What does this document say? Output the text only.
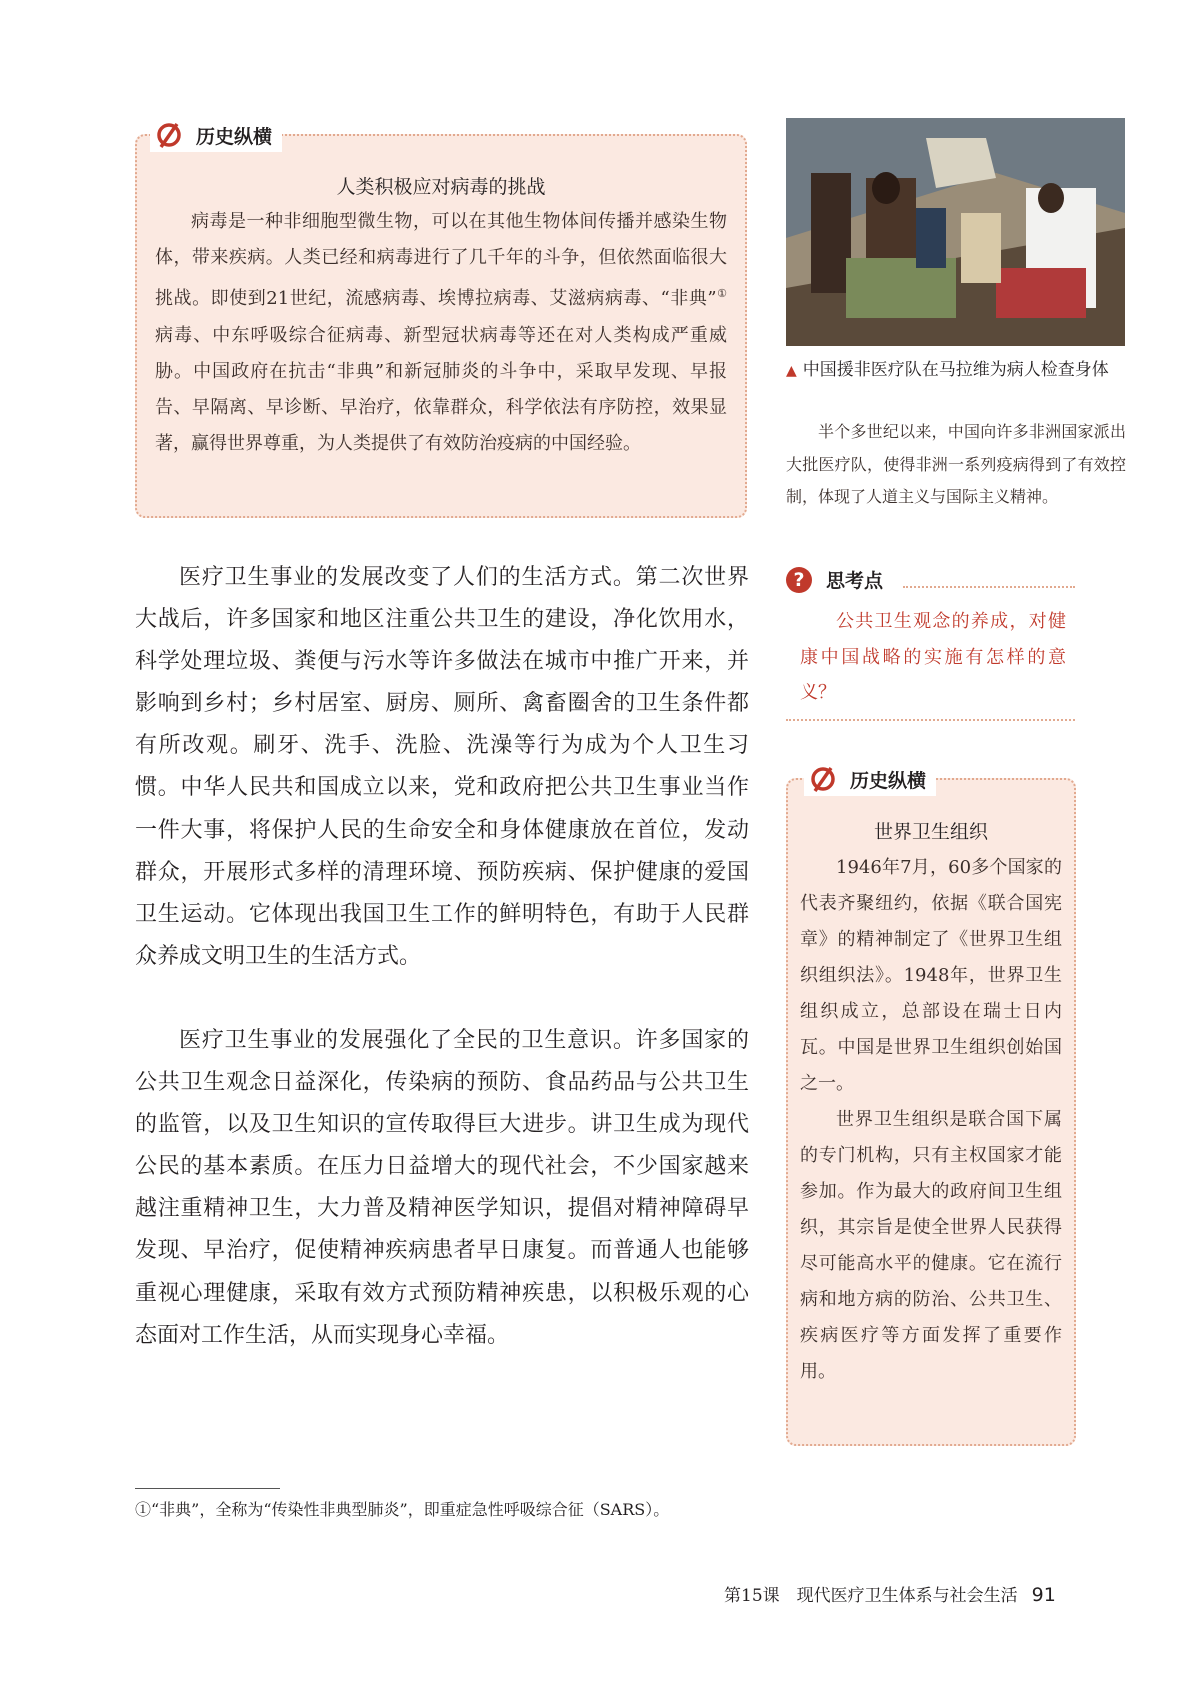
历史纵横
人类积极应对病毒的挑战

病毒是一种非细胞型微生物，可以在其他生物体间传播并感染生物体，带来疾病。人类已经和病毒进行了几千年的斗争，但依然面临很大挑战。即使到21世纪，流感病毒、埃博拉病毒、艾滋病病毒、“非典”①病毒、中东呼吸综合征病毒、新型冠状病毒等还在对人类构成严重威胁。中国政府在抗击“非典”和新冠肺炎的斗争中，采取早发现、早报告、早隔离、早诊断、早治疗，依靠群众，科学依法有序防控，效果显著，赢得世界尊重，为人类提供了有效防治疫病的中国经验。

医疗卫生事业的发展改变了人们的生活方式。第二次世界大战后，许多国家和地区注重公共卫生的建设，净化饮用水，科学处理垃圾、粪便与污水等许多做法在城市中推广开来，并影响到乡村；乡村居室、厨房、厕所、禽畜圈舍的卫生条件都有所改观。刷牙、洗手、洗脸、洗澡等行为成为个人卫生习惯。中华人民共和国成立以来，党和政府把公共卫生事业当作一件大事，将保护人民的生命安全和身体健康放在首位，发动群众，开展形式多样的清理环境、预防疾病、保护健康的爱国卫生运动。它体现出我国卫生工作的鲜明特色，有助于人民群众养成文明卫生的生活方式。

医疗卫生事业的发展强化了全民的卫生意识。许多国家的公共卫生观念日益深化，传染病的预防、食品药品与公共卫生的监管，以及卫生知识的宣传取得巨大进步。讲卫生成为现代公民的基本素质。在压力日益增大的现代社会，不少国家越来越注重精神卫生，大力普及精神医学知识，提倡对精神障碍早发现、早治疗，促使精神疾病患者早日康复。而普通人也能够重视心理健康，采取有效方式预防精神疾患，以积极乐观的心态面对工作生活，从而实现身心幸福。

▲ 中国援非医疗队在马拉维为病人检查身体

半个多世纪以来，中国向许多非洲国家派出大批医疗队，使得非洲一系列疫病得到了有效控制，体现了人道主义与国际主义精神。

?	思考点

公共卫生观念的养成，对健康中国战略的实施有怎样的意义？

历史纵横
世界卫生组织

1946年7月，60多个国家的代表齐聚纽约，依据《联合国宪章》的精神制定了《世界卫生组织组织法》。1948年，世界卫生组织成立，总部设在瑞士日内瓦。中国是世界卫生组织创始国之一。

世界卫生组织是联合国下属的专门机构，只有主权国家才能参加。作为最大的政府间卫生组织，其宗旨是使全世界人民获得尽可能高水平的健康。它在流行病和地方病的防治、公共卫生、疾病医疗等方面发挥了重要作用。

①“非典”，全称为“传染性非典型肺炎”，即重症急性呼吸综合征（SARS）。
第15课　现代医疗卫生体系与社会生活 91
